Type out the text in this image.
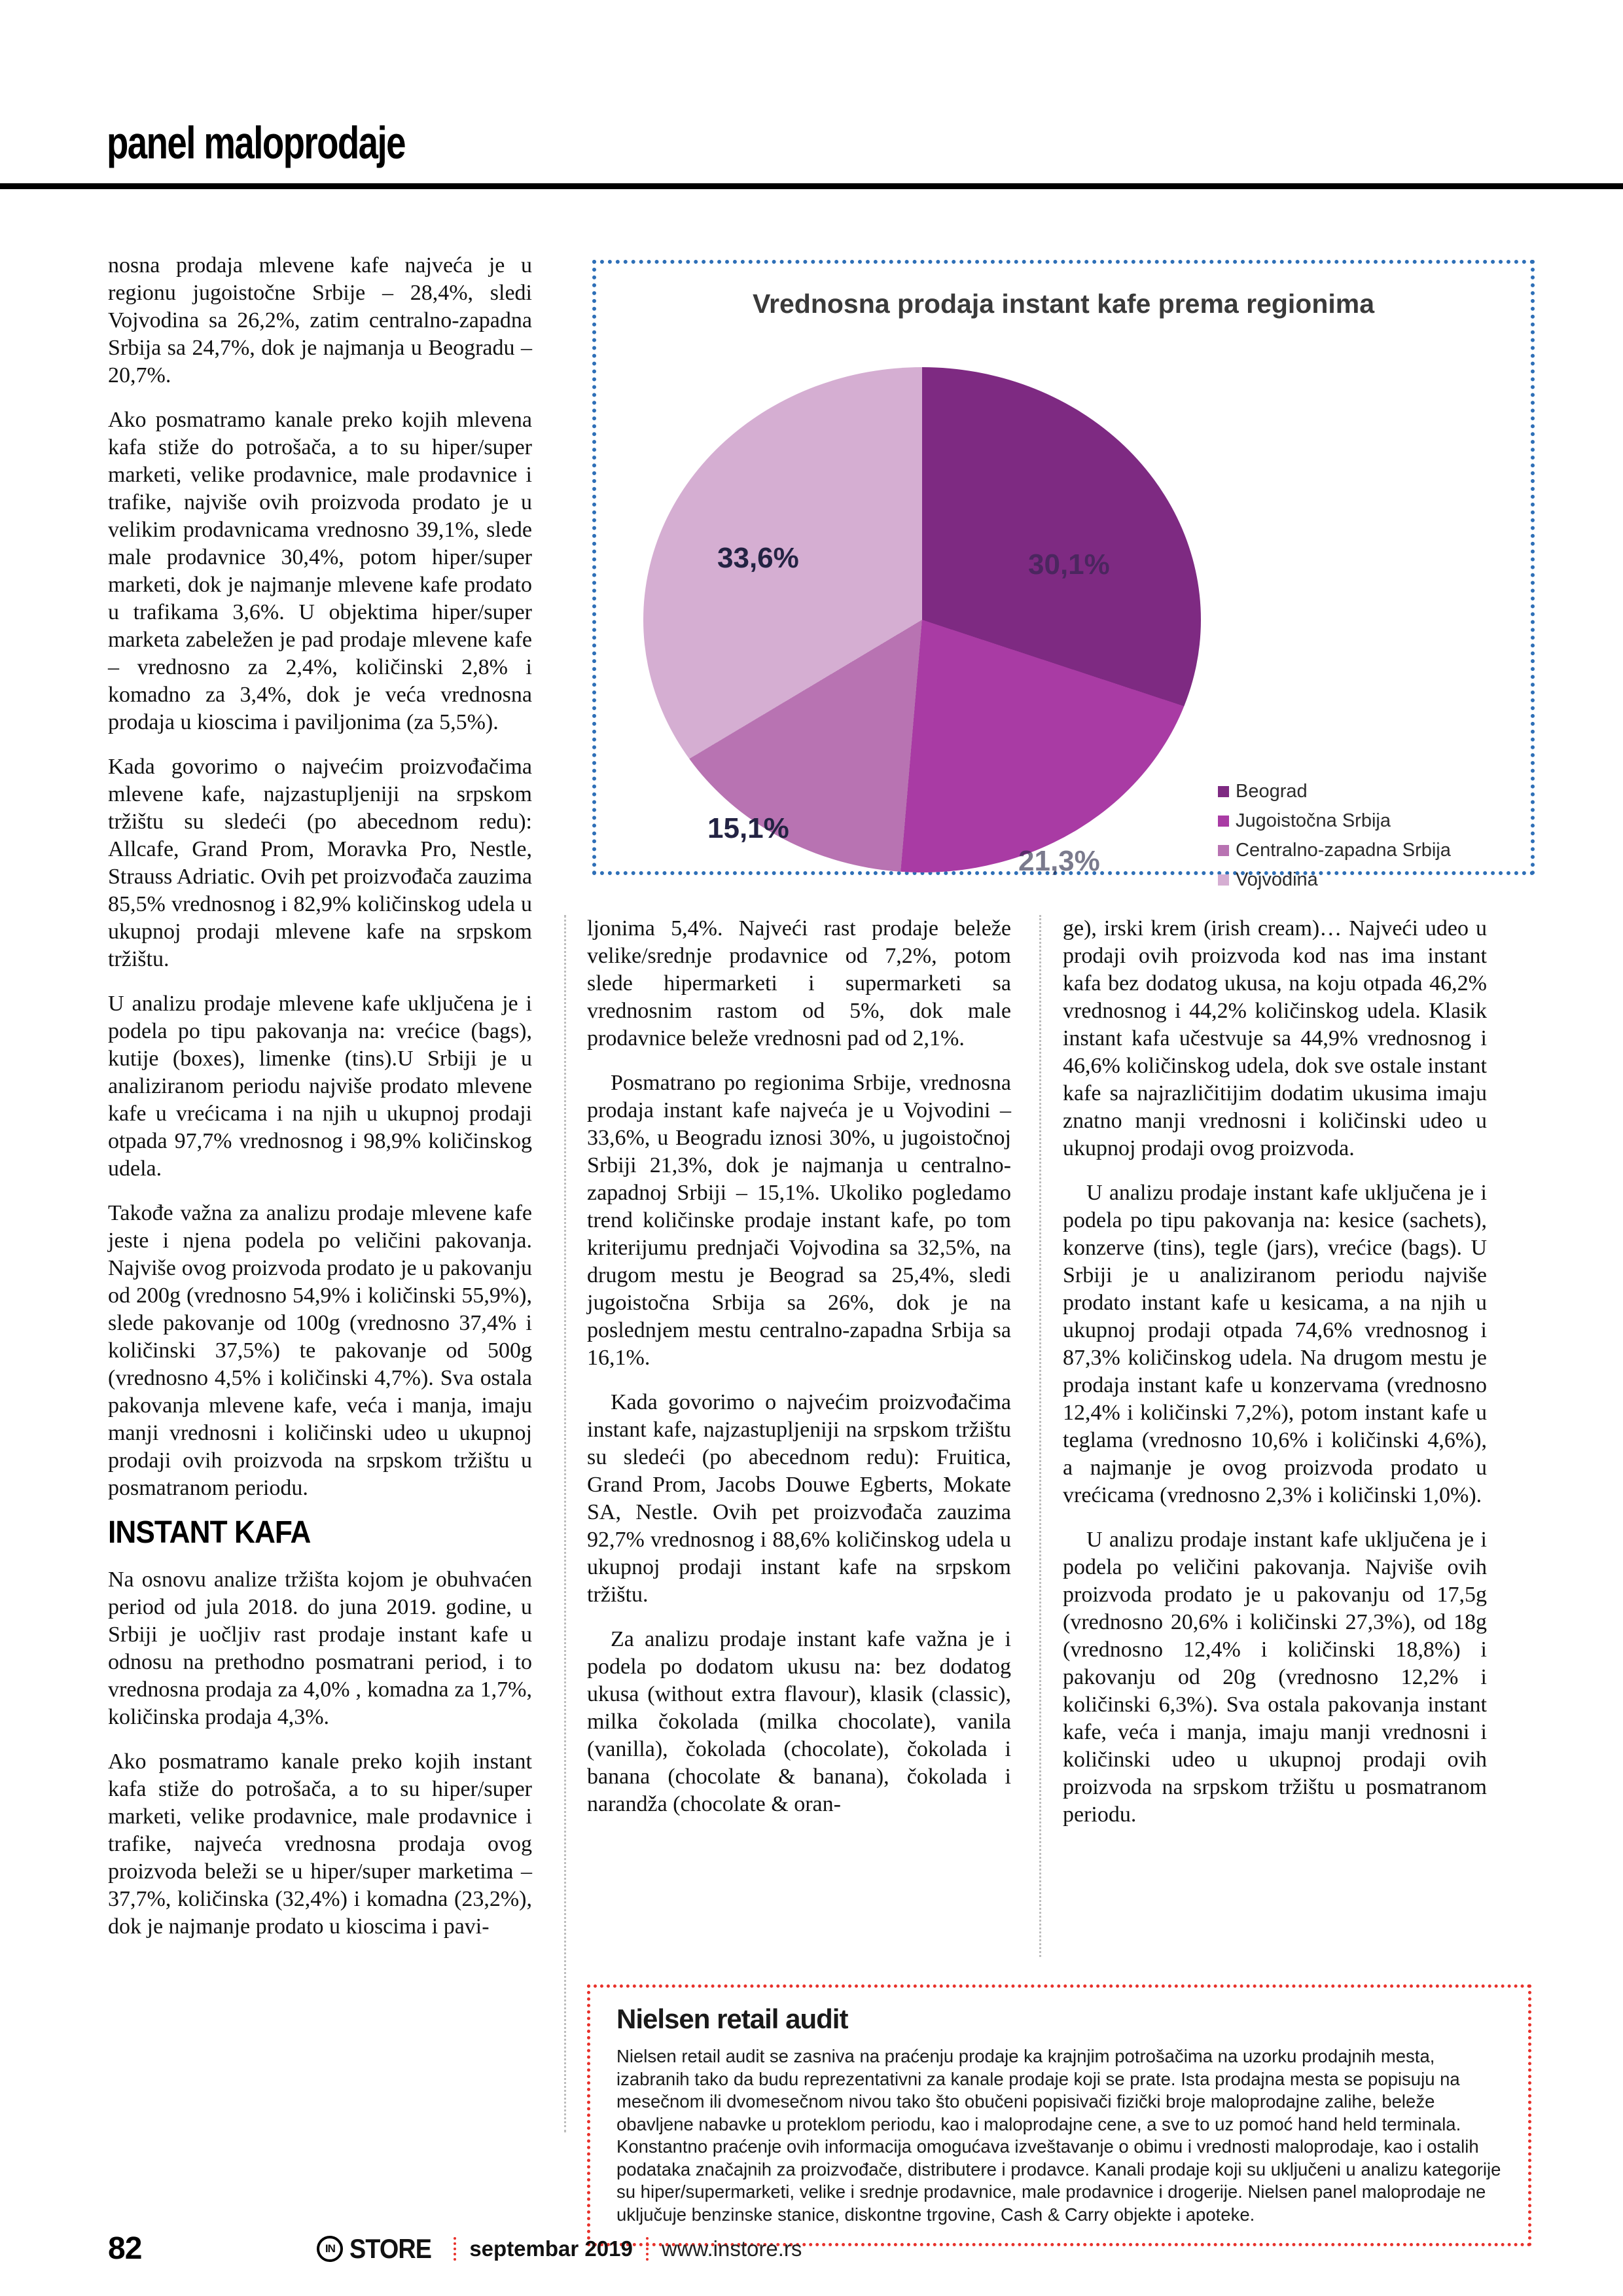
panel maloprodaje
Vrednosna prodaja instant kafe prema regionima
30,1%
21,3%
15,1%
33,6%
Beograd
Jugoistočna Srbija
Centralno-zapadna Srbija
Vojvodina

nosna prodaja mlevene kafe najveća je u regionu jugoistočne Srbije – 28,4%, sledi Vojvodina sa 26,2%, zatim centralno-zapadna Srbija sa 24,7%, dok je najmanja u Beogradu – 20,7%.

Ako posmatramo kanale preko kojih mlevena kafa stiže do potrošača, a to su hiper/super marketi, velike prodavnice, male prodavnice i trafike, najviše ovih proizvoda prodato je u velikim prodavnicama vrednosno 39,1%, slede male prodavnice 30,4%, potom hiper/super marketi, dok je najmanje mlevene kafe prodato u trafikama 3,6%. U objektima hiper/super marketa zabeležen je pad prodaje mlevene kafe – vrednosno za 2,4%, količinski 2,8% i komadno za 3,4%, dok je veća vrednosna prodaja u kioscima i paviljonima (za 5,5%).

Kada govorimo o najvećim proizvođačima mlevene kafe, najzastupljeniji na srpskom tržištu su sledeći (po abecednom redu): Allcafe, Grand Prom, Moravka Pro, Nestle, Strauss Adriatic. Ovih pet proizvođača zauzima 85,5% vrednosnog i 82,9% količinskog udela u ukupnoj prodaji mlevene kafe na srpskom tržištu.

U analizu prodaje mlevene kafe uključena je i podela po tipu pakovanja na: vrećice (bags), kutije (boxes), limenke (tins).U Srbiji je u analiziranom periodu najviše prodato mlevene kafe u vrećicama i na njih u ukupnoj prodaji otpada 97,7% vrednosnog i 98,9% količinskog udela.

Takođe važna za analizu prodaje mlevene kafe jeste i njena podela po veličini pakovanja. Najviše ovog proizvoda prodato je u pakovanju od 200g (vrednosno 54,9% i količinski 55,9%), slede pakovanje od 100g (vrednosno 37,4% i količinski 37,5%) te pakovanje od 500g (vrednosno 4,5% i količinski 4,7%). Sva ostala pakovanja mlevene kafe, veća i manja, imaju manji vrednosni i količinski udeo u ukupnoj prodaji ovih proizvoda na srpskom tržištu u posmatranom periodu.

INSTANT KAFA

Na osnovu analize tržišta kojom je obuhvaćen period od jula 2018. do juna 2019. godine, u Srbiji je uočljiv rast prodaje instant kafe u odnosu na prethodno posmatrani period, i to vrednosna prodaja za 4,0% , komadna za 1,7%, količinska prodaja 4,3%.

Ako posmatramo kanale preko kojih instant kafa stiže do potrošača, a to su hiper/super marketi, velike prodavnice, male prodavnice i trafike, najveća vrednosna prodaja ovog proizvoda beleži se u hiper/super marketima – 37,7%, količinska (32,4%) i komadna (23,2%), dok je najmanje prodato u kioscima i pavi-

ljonima 5,4%. Najveći rast prodaje beleže velike/srednje prodavnice od 7,2%, potom slede hipermarketi i supermarketi sa vrednosnim rastom od 5%, dok male prodavnice beleže vrednosni pad od 2,1%.

Posmatrano po regionima Srbije, vrednosna prodaja instant kafe najveća je u Vojvodini – 33,6%, u Beogradu iznosi 30%, u jugoistočnoj Srbiji 21,3%, dok je najmanja u centralno-zapadnoj Srbiji – 15,1%. Ukoliko pogledamo trend količinske prodaje instant kafe, po tom kriterijumu prednjači Vojvodina sa 32,5%, na drugom mestu je Beograd sa 25,4%, sledi jugoistočna Srbija sa 26%, dok je na poslednjem mestu centralno-zapadna Srbija sa 16,1%.

Kada govorimo o najvećim proizvođačima instant kafe, najzastupljeniji na srpskom tržištu su sledeći (po abecednom redu): Fruitica, Grand Prom, Jacobs Douwe Egberts, Mokate SA, Nestle. Ovih pet proizvođača zauzima 92,7% vrednosnog i 88,6% količinskog udela u ukupnoj prodaji instant kafe na srpskom tržištu.

Za analizu prodaje instant kafe važna je i podela po dodatom ukusu na: bez dodatog ukusa (without extra flavour), klasik (classic), milka čokolada (milka chocolate), vanila (vanilla), čokolada (chocolate), čokolada i banana (chocolate & banana), čokolada i narandža (chocolate & oran-

ge), irski krem (irish cream)… Najveći udeo u prodaji ovih proizvoda kod nas ima instant kafa bez dodatog ukusa, na koju otpada 46,2% vrednosnog i 44,2% količinskog udela. Klasik instant kafa učestvuje sa 44,9% vrednosnog i 46,6% količinskog udela, dok sve ostale instant kafe sa najrazličitijim dodatim ukusima imaju znatno manji vrednosni i količinski udeo u ukupnoj prodaji ovog proizvoda.

U analizu prodaje instant kafe uključena je i podela po tipu pakovanja na: kesice (sachets), konzerve (tins), tegle (jars), vrećice (bags). U Srbiji je u analiziranom periodu najviše prodato instant kafe u kesicama, a na njih u ukupnoj prodaji otpada 74,6% vrednosnog i 87,3% količinskog udela. Na drugom mestu je prodaja instant kafe u konzervama (vrednosno 12,4% i količinski 7,2%), potom instant kafe u teglama (vrednosno 10,6% i količinski 4,6%), a najmanje je ovog proizvoda prodato u vrećicama (vrednosno 2,3% i količinski 1,0%).

U analizu prodaje instant kafe uključena je i podela po veličini pakovanja. Najviše ovih proizvoda prodato je u pakovanju od 17,5g (vrednosno 20,6% i količinski 27,3%), od 18g (vrednosno 12,4% i količinski 18,8%) i pakovanju od 20g (vrednosno 12,2% i količinski 6,3%). Sva ostala pakovanja instant kafe, veća i manja, imaju manji vrednosni i količinski udeo u ukupnoj prodaji ovih proizvoda na srpskom tržištu u posmatranom periodu.

Nielsen retail audit

Nielsen retail audit se zasniva na praćenju prodaje ka krajnjim potrošačima na uzorku prodajnih mesta, izabranih tako da budu reprezentativni za kanale prodaje koji se prate. Ista prodajna mesta se popisuju na mesečnom ili dvomesečnom nivou tako što obučeni popisivači fizički broje maloprodajne zalihe, beleže obavljene nabavke u proteklom periodu, kao i maloprodajne cene, a sve to uz pomoć hand held terminala. Konstantno praćenje ovih informacija omogućava izveštavanje o obimu i vrednosti maloprodaje, kao i ostalih podataka značajnih za proizvođače, distributere i prodavce. Kanali prodaje koji su uključeni u analizu kategorije su hiper/supermarketi, velike i srednje prodavnice, male prodavnice i drogerije. Nielsen panel maloprodaje ne uključuje benzinske stanice, diskontne trgovine, Cash & Carry objekte i apoteke.

82	IN STORE septembar 2019 www.instore.rs
